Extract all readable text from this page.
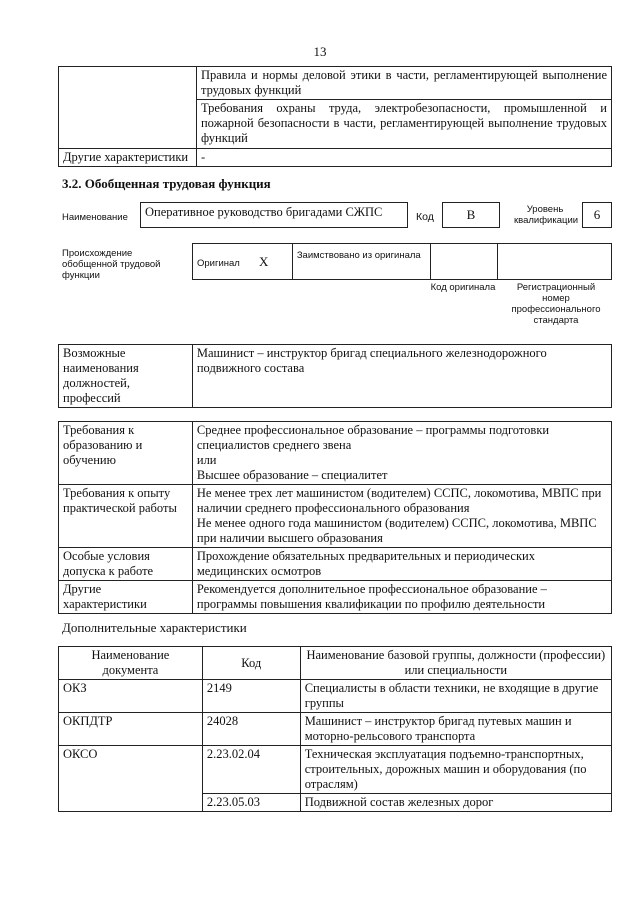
13
	Правила и нормы деловой этики в части, регламентирующей выполнение трудовых функций
	Требования охраны труда, электробезопасности, промышленной и пожарной безопасности в части, регламентирующей выполнение трудовых функций
Другие характеристики	-
3.2. Обобщенная трудовая функция
Наименование	Оперативное руководство бригадами СЖПС	Код	В	Уровень квалификации	6
Происхождение обобщенной трудовой функции
Оригинал X	Заимствовано из оригинала		
Код оригинала	Регистрационный номер профессионального стандарта
Возможные наименования должностей, профессий	Машинист – инструктор бригад специального железнодорожного подвижного состава
Требования к образованию и обучению	Среднее профессиональное образование – программы подготовки специалистов среднего звена
или
Высшее образование – специалитет

Требования к опыту практической работы	Не менее трех лет машинистом (водителем) ССПС, локомотива, МВПС при наличии среднего профессионального образования
Не менее одного года машинистом (водителем) ССПС, локомотива, МВПС при наличии высшего образования

Особые условия допуска к работе	Прохождение обязательных предварительных и периодических медицинских осмотров
Другие характеристики	Рекомендуется дополнительное профессиональное образование – программы повышения квалификации по профилю деятельности
Дополнительные характеристики
Наименование документа	Код	Наименование базовой группы, должности (профессии) или специальности
ОКЗ	2149	Специалисты в области техники, не входящие в другие группы
ОКПДТР	24028	Машинист – инструктор бригад путевых машин и моторно-рельсового транспорта
ОКСО	2.23.02.04	Техническая эксплуатация подъемно-транспортных, строительных, дорожных машин и оборудования (по отраслям)
	2.23.05.03	Подвижной состав железных дорог
